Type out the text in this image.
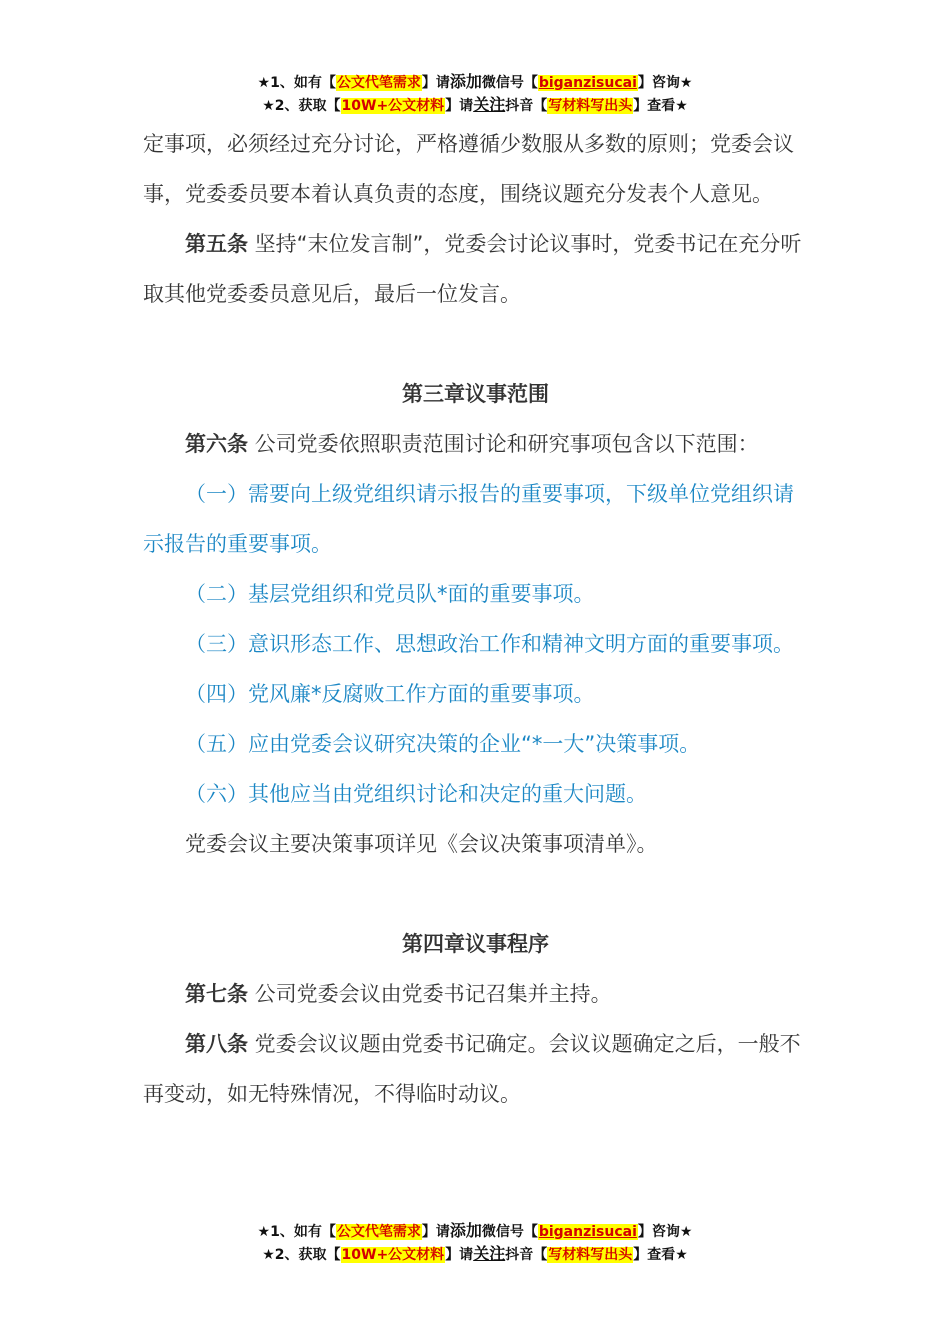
★1、如有【公文代笔需求】请添加微信号【biganzisucai】咨询★
★2、获取【10W+公文材料】请关注抖音【写材料写出头】查看★

定事项，必须经过充分讨论，严格遵循少数服从多数的原则；党委会议事，党委委员要本着认真负责的态度，围绕议题充分发表个人意见。

第五条 坚持“末位发言制”，党委会讨论议事时，党委书记在充分听取其他党委委员意见后，最后一位发言。

第三章议事范围

第六条 公司党委依照职责范围讨论和研究事项包含以下范围：

（一）需要向上级党组织请示报告的重要事项，下级单位党组织请示报告的重要事项。

（二）基层党组织和党员队*面的重要事项。

（三）意识形态工作、思想政治工作和精神文明方面的重要事项。

（四）党风廉*反腐败工作方面的重要事项。

（五）应由党委会议研究决策的企业“*一大”决策事项。

（六）其他应当由党组织讨论和决定的重大问题。

党委会议主要决策事项详见《会议决策事项清单》。

第四章议事程序

第七条 公司党委会议由党委书记召集并主持。

第八条 党委会议议题由党委书记确定。会议议题确定之后，一般不再变动，如无特殊情况，不得临时动议。

★1、如有【公文代笔需求】请添加微信号【biganzisucai】咨询★
★2、获取【10W+公文材料】请关注抖音【写材料写出头】查看★
